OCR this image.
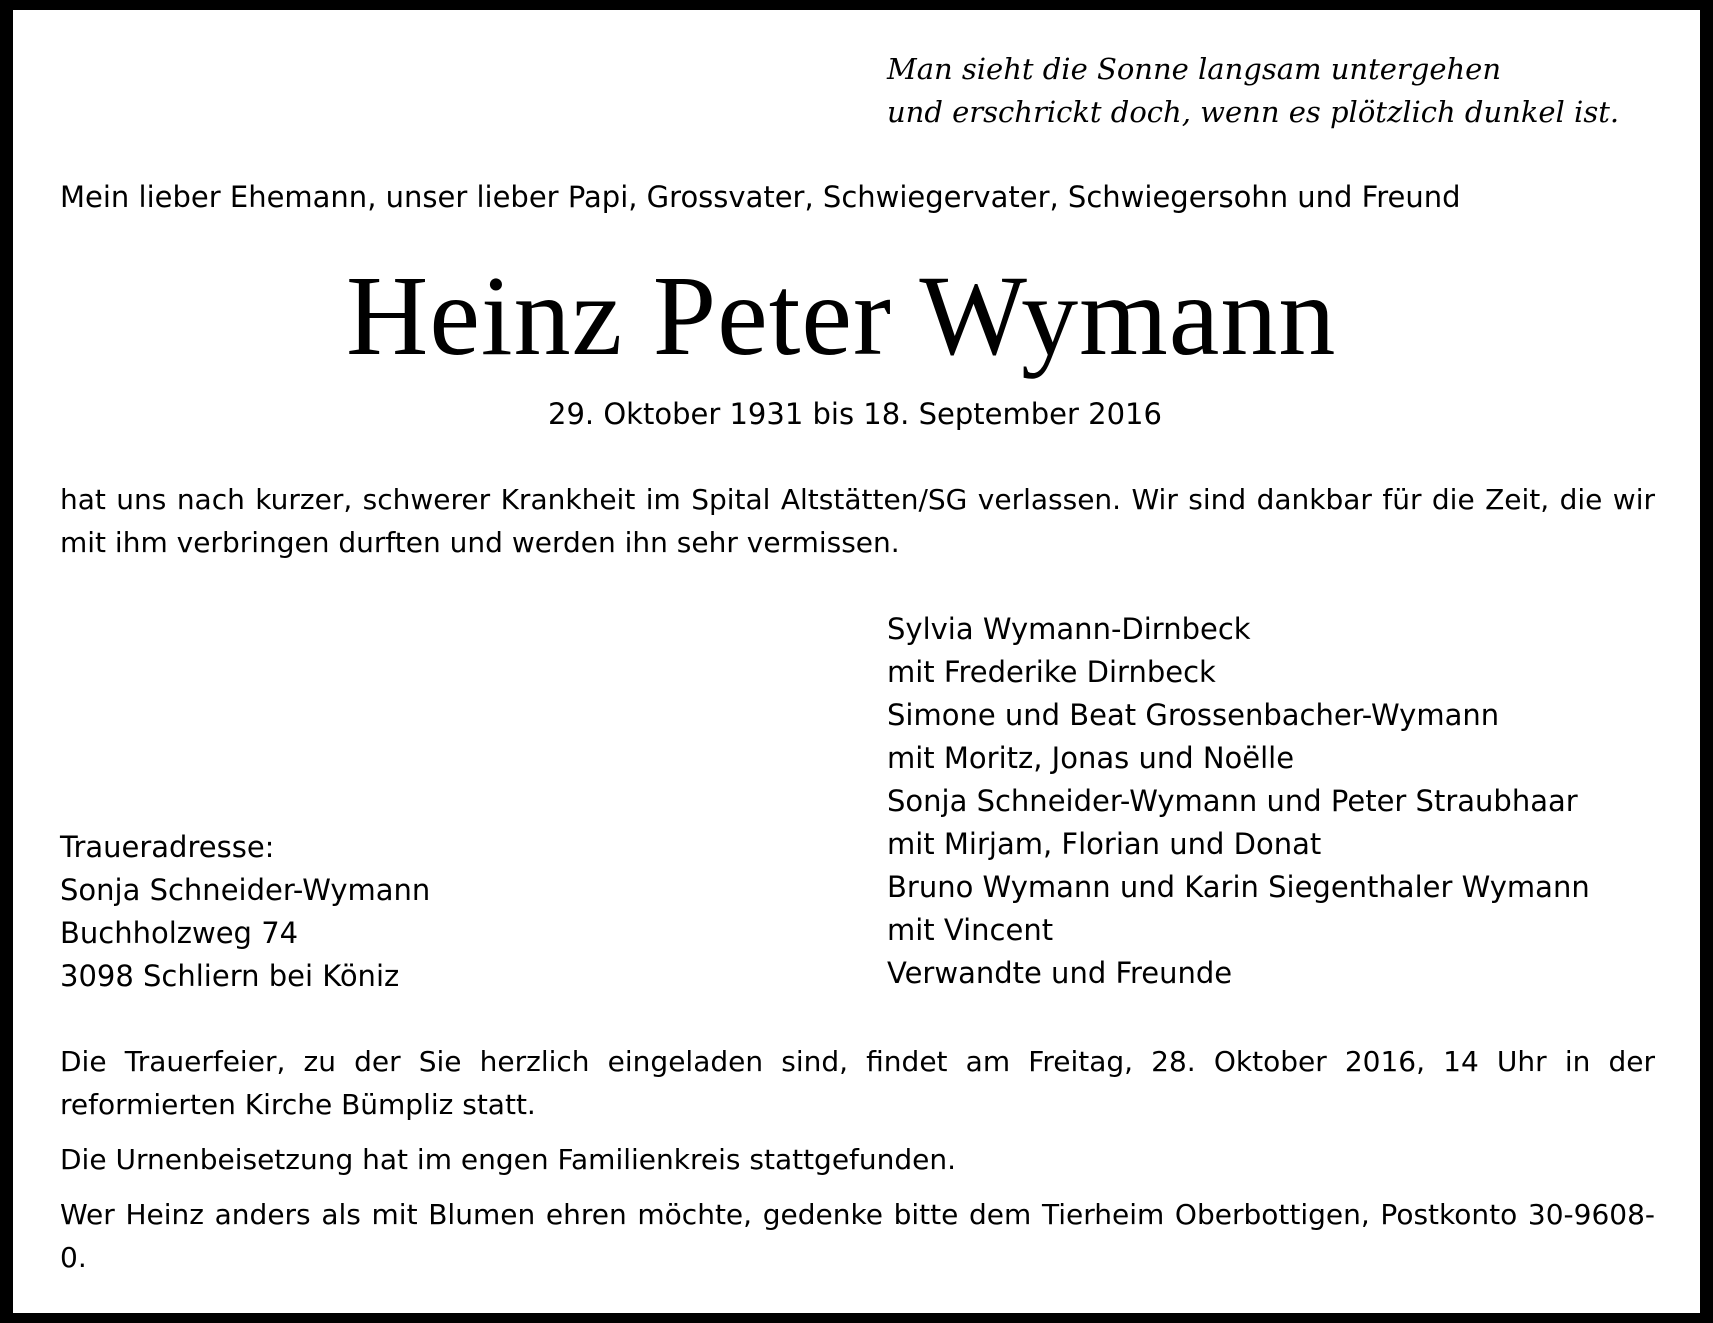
Man sieht die Sonne langsam untergehen
und erschrickt doch, wenn es plötzlich dunkel ist.
Mein lieber Ehemann, unser lieber Papi, Grossvater, Schwiegervater, Schwiegersohn und Freund
Heinz Peter Wymann
29. Oktober 1931 bis 18. September 2016
hat uns nach kurzer, schwerer Krankheit im Spital Altstätten/SG verlassen. Wir sind dankbar für die Zeit, die wir mit ihm verbringen durften und werden ihn sehr vermissen.
Sylvia Wymann-Dirnbeck
mit Frederike Dirnbeck
Simone und Beat Grossenbacher-Wymann
mit Moritz, Jonas und Noëlle
Sonja Schneider-Wymann und Peter Straubhaar
mit Mirjam, Florian und Donat
Bruno Wymann und Karin Siegenthaler Wymann
mit Vincent
Verwandte und Freunde
Traueradresse:
Sonja Schneider-Wymann
Buchholzweg 74
3098 Schliern bei Köniz
Die Trauerfeier, zu der Sie herzlich eingeladen sind, findet am Freitag, 28. Oktober 2016, 14 Uhr in der reformierten Kirche Bümpliz statt.
Die Urnenbeisetzung hat im engen Familienkreis stattgefunden.
Wer Heinz anders als mit Blumen ehren möchte, gedenke bitte dem Tierheim Oberbottigen, Postkonto 30-9608-0.
